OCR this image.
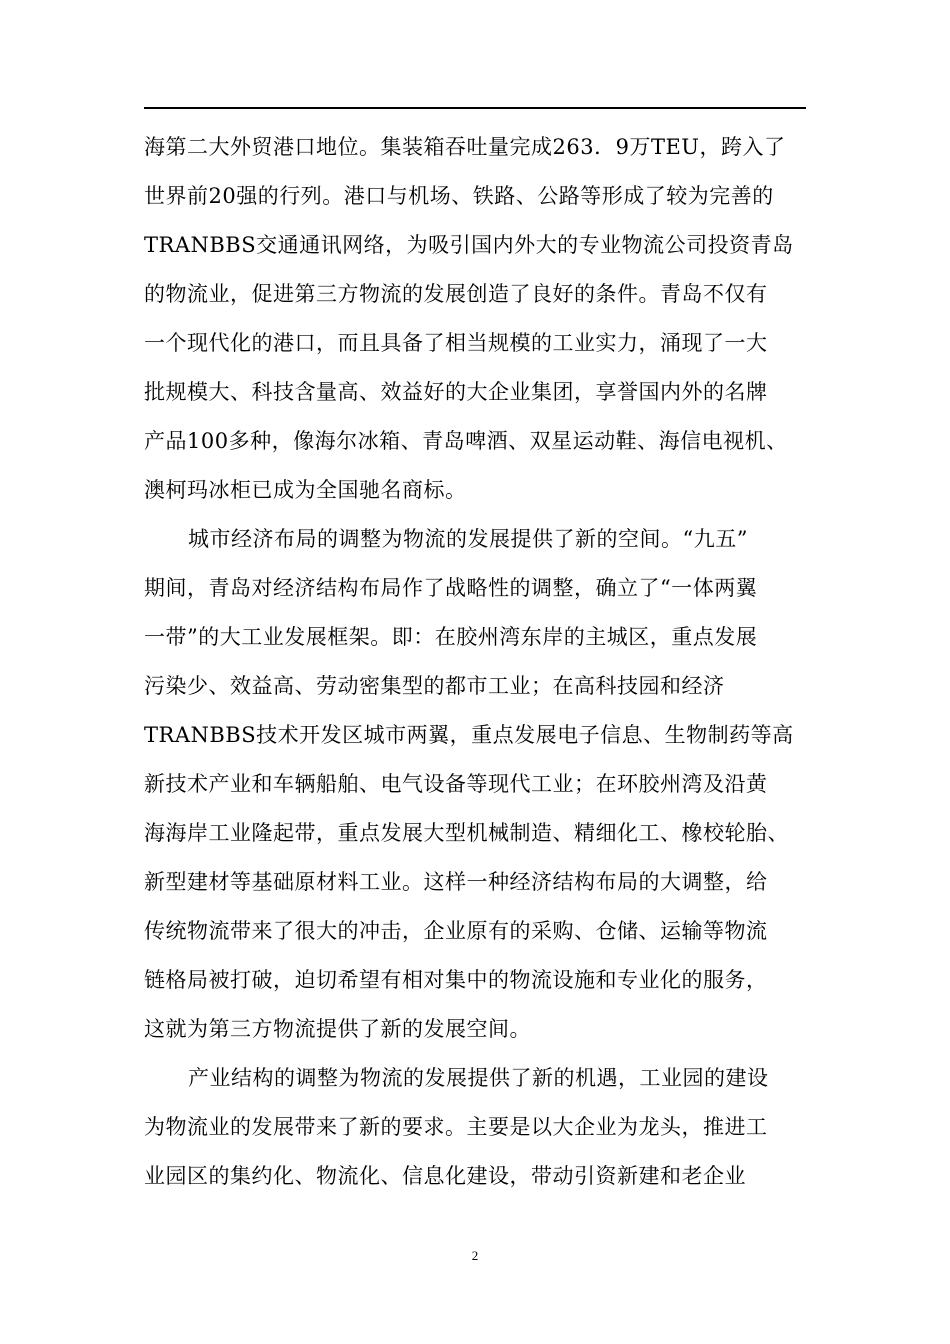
海第二大外贸港口地位。集装箱吞吐量完成263．9万TEU，跨入了
世界前20强的行列。港口与机场、铁路、公路等形成了较为完善的
TRANBBS交通通讯网络，为吸引国内外大的专业物流公司投资青岛
的物流业，促进第三方物流的发展创造了良好的条件。青岛不仅有
一个现代化的港口，而且具备了相当规模的工业实力，涌现了一大
批规模大、科技含量高、效益好的大企业集团，享誉国内外的名牌
产品100多种，像海尔冰箱、青岛啤酒、双星运动鞋、海信电视机、
澳柯玛冰柜已成为全国驰名商标。
城市经济布局的调整为物流的发展提供了新的空间。“九五”
期间，青岛对经济结构布局作了战略性的调整，确立了“一体两翼
一带”的大工业发展框架。即：在胶州湾东岸的主城区，重点发展
污染少、效益高、劳动密集型的都市工业；在高科技园和经济
TRANBBS技术开发区城市两翼，重点发展电子信息、生物制药等高
新技术产业和车辆船舶、电气设备等现代工业；在环胶州湾及沿黄
海海岸工业隆起带，重点发展大型机械制造、精细化工、橡校轮胎、
新型建材等基础原材料工业。这样一种经济结构布局的大调整，给
传统物流带来了很大的冲击，企业原有的采购、仓储、运输等物流
链格局被打破，迫切希望有相对集中的物流设施和专业化的服务，
这就为第三方物流提供了新的发展空间。
产业结构的调整为物流的发展提供了新的机遇，工业园的建设
为物流业的发展带来了新的要求。主要是以大企业为龙头，推进工
业园区的集约化、物流化、信息化建设，带动引资新建和老企业
2
